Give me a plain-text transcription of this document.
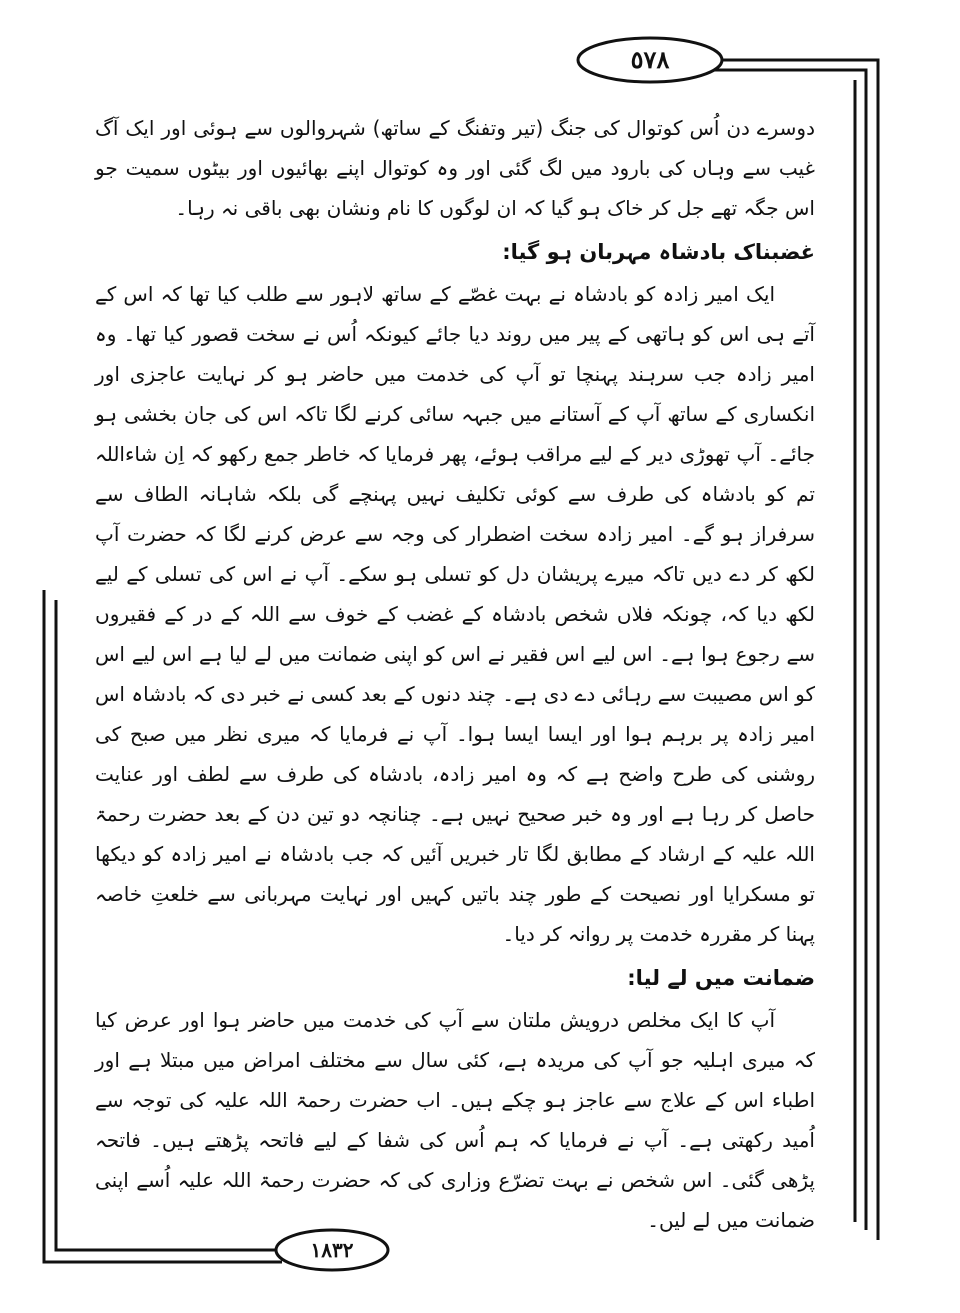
٥٧٨
١٨٣٢

دوسرے دن اُس کوتوال کی جنگ (تیر وتفنگ کے ساتھ) شہروالوں سے ہوئی اور ایک آگ غیب سے وہاں کی بارود میں لگ گئی اور وہ کوتوال اپنے بھائیوں اور بیٹوں سمیت جو اس جگہ تھے جل کر خاک ہو گیا کہ ان لوگوں کا نام ونشان بھی باقی نہ رہا۔

غضبناک بادشاہ مہربان ہو گیا:

ایک امیر زادہ کو بادشاہ نے بہت غصّے کے ساتھ لاہور سے طلب کیا تھا کہ اس کے آتے ہی اس کو ہاتھی کے پیر میں روند دیا جائے کیونکہ اُس نے سخت قصور کیا تھا۔ وہ امیر زادہ جب سرہند پہنچا تو آپ کی خدمت میں حاضر ہو کر نہایت عاجزی اور انکساری کے ساتھ آپ کے آستانے میں جبہہ سائی کرنے لگا تاکہ اس کی جان بخشی ہو جائے۔ آپ تھوڑی دیر کے لیے مراقب ہوئے، پھر فرمایا کہ خاطر جمع رکھو کہ اِن شاءاللہ تم کو بادشاہ کی طرف سے کوئی تکلیف نہیں پہنچے گی بلکہ شاہانہ الطاف سے سرفراز ہو گے۔ امیر زادہ سخت اضطرار کی وجہ سے عرض کرنے لگا کہ حضرت آپ لکھ کر دے دیں تاکہ میرے پریشان دل کو تسلی ہو سکے۔ آپ نے اس کی تسلی کے لیے لکھ دیا کہ، چونکہ فلاں شخص بادشاہ کے غضب کے خوف سے اللہ کے در کے فقیروں سے رجوع ہوا ہے۔ اس لیے اس فقیر نے اس کو اپنی ضمانت میں لے لیا ہے اس لیے اس کو اس مصیبت سے رہائی دے دی ہے۔ چند دنوں کے بعد کسی نے خبر دی کہ بادشاہ اس امیر زادہ پر برہم ہوا اور ایسا ایسا ہوا۔ آپ نے فرمایا کہ میری نظر میں صبح کی روشنی کی طرح واضح ہے کہ وہ امیر زادہ، بادشاہ کی طرف سے لطف اور عنایت حاصل کر رہا ہے اور وہ خبر صحیح نہیں ہے۔ چنانچہ دو تین دن کے بعد حضرت رحمۃ اللہ علیہ کے ارشاد کے مطابق لگا تار خبریں آئیں کہ جب بادشاہ نے امیر زادہ کو دیکھا تو مسکرایا اور نصیحت کے طور چند باتیں کہیں اور نہایت مہربانی سے خلعتِ خاصہ پہنا کر مقررہ خدمت پر روانہ کر دیا۔

ضمانت میں لے لیا:

آپ کا ایک مخلص درویش ملتان سے آپ کی خدمت میں حاضر ہوا اور عرض کیا کہ میری اہلیہ جو آپ کی مریدہ ہے، کئی سال سے مختلف امراض میں مبتلا ہے اور اطباء اس کے علاج سے عاجز ہو چکے ہیں۔ اب حضرت رحمۃ اللہ علیہ کی توجہ سے اُمید رکھتی ہے۔ آپ نے فرمایا کہ ہم اُس کی شفا کے لیے فاتحہ پڑھتے ہیں۔ فاتحہ پڑھی گئی۔ اس شخص نے بہت تضرّع وزاری کی کہ حضرت رحمۃ اللہ علیہ اُسے اپنی ضمانت میں لے لیں۔
